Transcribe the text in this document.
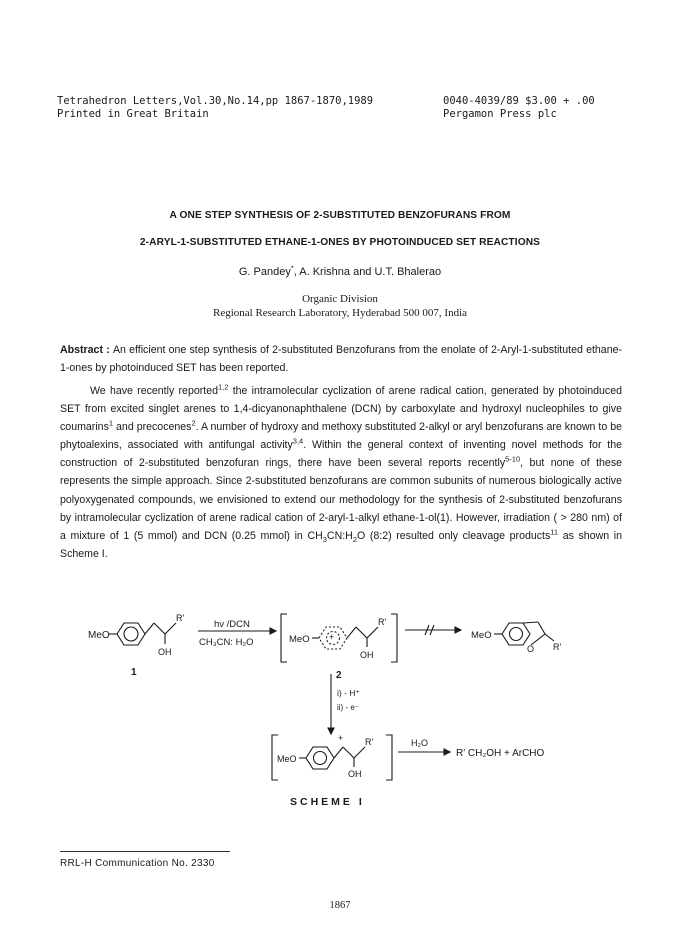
Tetrahedron Letters,Vol.30,No.14,pp 1867-1870,1989
Printed in Great Britain
0040-4039/89 $3.00 + .00
Pergamon Press plc
A ONE STEP SYNTHESIS OF 2-SUBSTITUTED BENZOFURANS FROM
2-ARYL-1-SUBSTITUTED ETHANE-1-ONES BY PHOTOINDUCED SET REACTIONS
G. Pandey*, A. Krishna and U.T. Bhalerao
Organic Division
Regional Research Laboratory, Hyderabad 500 007, India

Abstract : An efficient one step synthesis of 2-substituted Benzofurans from the enolate of 2-Aryl-1-substituted ethane-1-ones by photoinduced SET has been reported.

We have recently reported$^{1,2}$ the intramolecular cyclization of arene radical cation, generated by photoinduced SET from excited singlet arenes to 1,4-dicyanonaphthalene (DCN) by carboxylate and hydroxyl nucleophiles to give coumarins$^1$ and precocenes$^2$. A number of hydroxy and methoxy substituted 2-alkyl or aryl benzofurans are known to be phytoalexins, associated with antifungal activity$^{3,4}$. Within the general context of inventing novel methods for the construction of 2-substituted benzofuran rings, there have been several reports recently$^{5-10}$, but none of these represents the simple approach. Since 2-substituted benzofurans are common subunits of numerous biologically active polyoxygenated compounds, we envisioned to extend our methodology for the synthesis of 2-substituted benzofurans by intramolecular cyclization of arene radical cation of 2-aryl-1-alkyl ethane-1-ol(1). However, irradiation ( > 280 nm) of a mixture of 1 (5 mmol) and DCN (0.25 mmol) in $CH_3CN:H_2O$ (8:2) resulted only cleavage products$^{11}$ as shown in Scheme I.

MeO
R'
OH
1
hν /DCN
CH₃CN: H₂O	MeO +
R'
OH
2
MeO
O R'
i) - H⁺
ii) - e⁻
MeO
+ R'
OH
H₂O
R' CH₂OH + ArCHO
SCHEME I
RRL-H Communication No. 2330
1867
